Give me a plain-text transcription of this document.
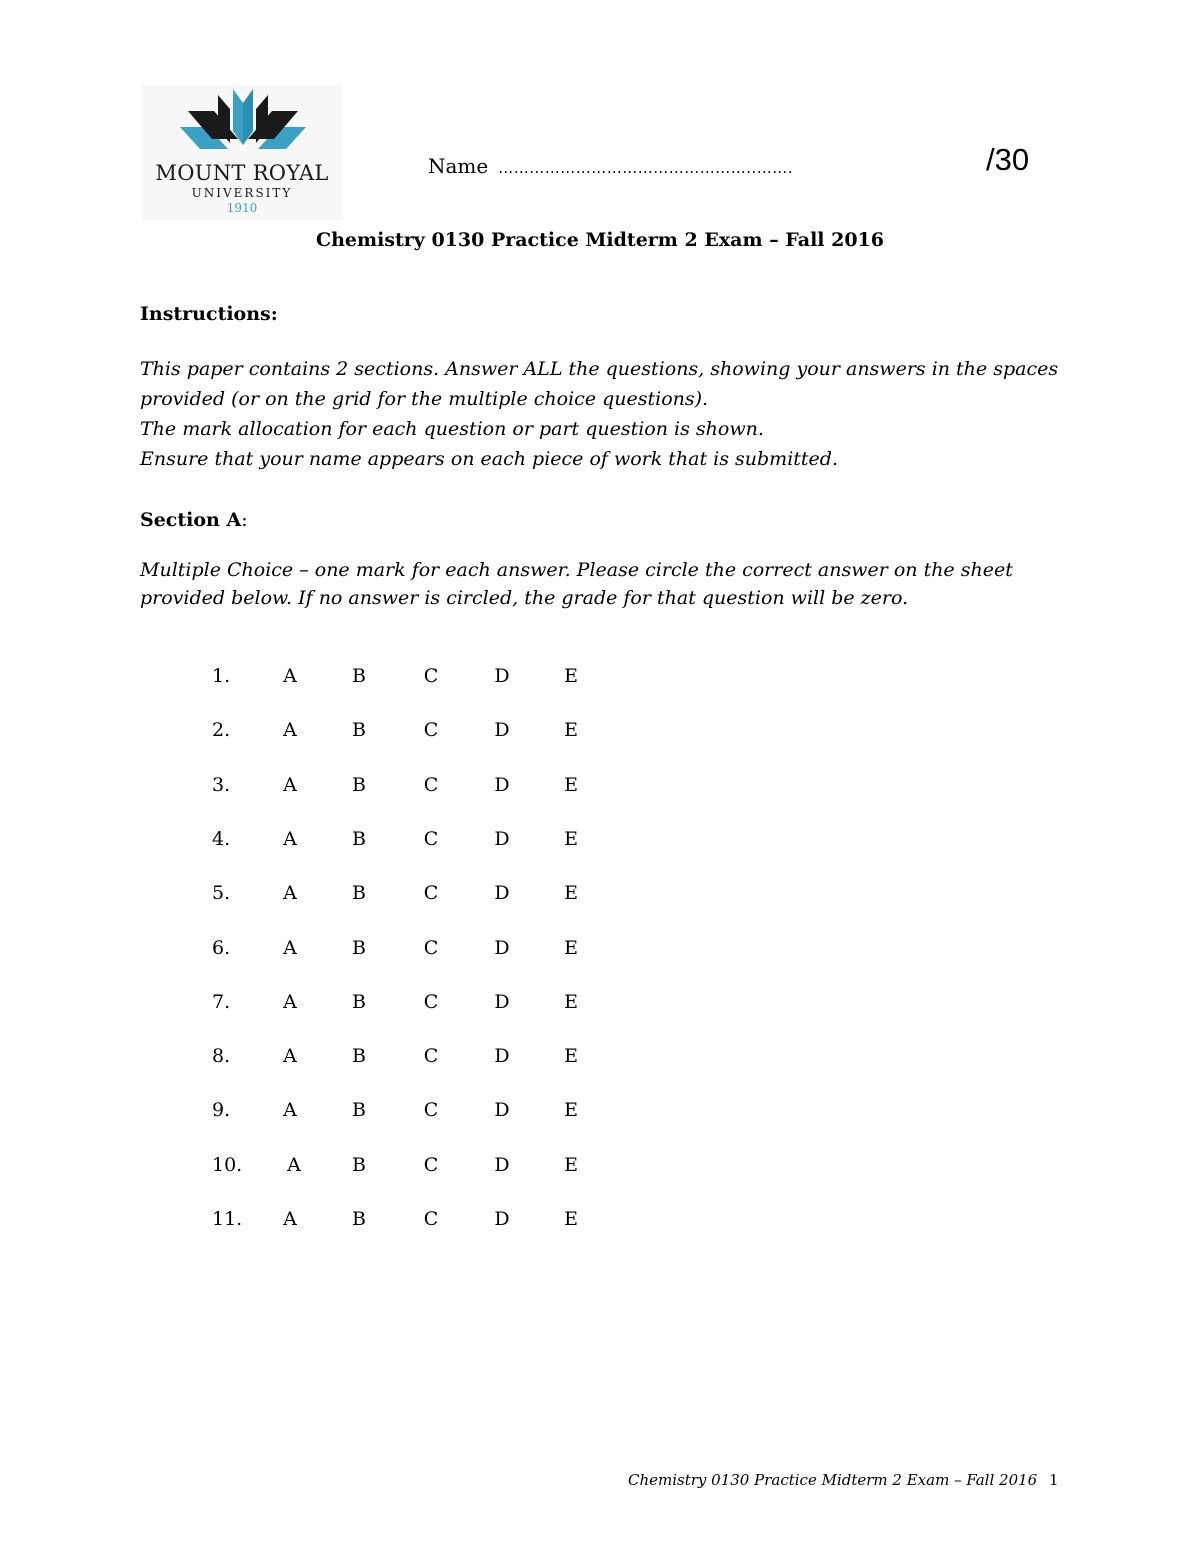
MOUNT ROYAL
UNIVERSITY
1910
Name …………………………………………..…….	/30
Chemistry 0130 Practice Midterm 2 Exam – Fall 2016
Instructions:

This paper contains 2 sections. Answer ALL the questions, showing your answers in the spaces provided (or on the grid for the multiple choice questions).

The mark allocation for each question or part question is shown.

Ensure that your name appears on each piece of work that is submitted.

Section A:
Multiple Choice – one mark for each answer. Please circle the correct answer on the sheet provided below. If no answer is circled, the grade for that question will be zero.
1.	A	B	C	D	E
2.	A	B	C	D	E
3.	A	B	C	D	E
4.	A	B	C	D	E
5.	A	B	C	D	E
6.	A	B	C	D	E
7.	A	B	C	D	E
8.	A	B	C	D	E
9.	A	B	C	D	E
10. A	B	C	D	E
11. A	B	C	D	E
Chemistry 0130 Practice Midterm 2 Exam – Fall 2016 1
